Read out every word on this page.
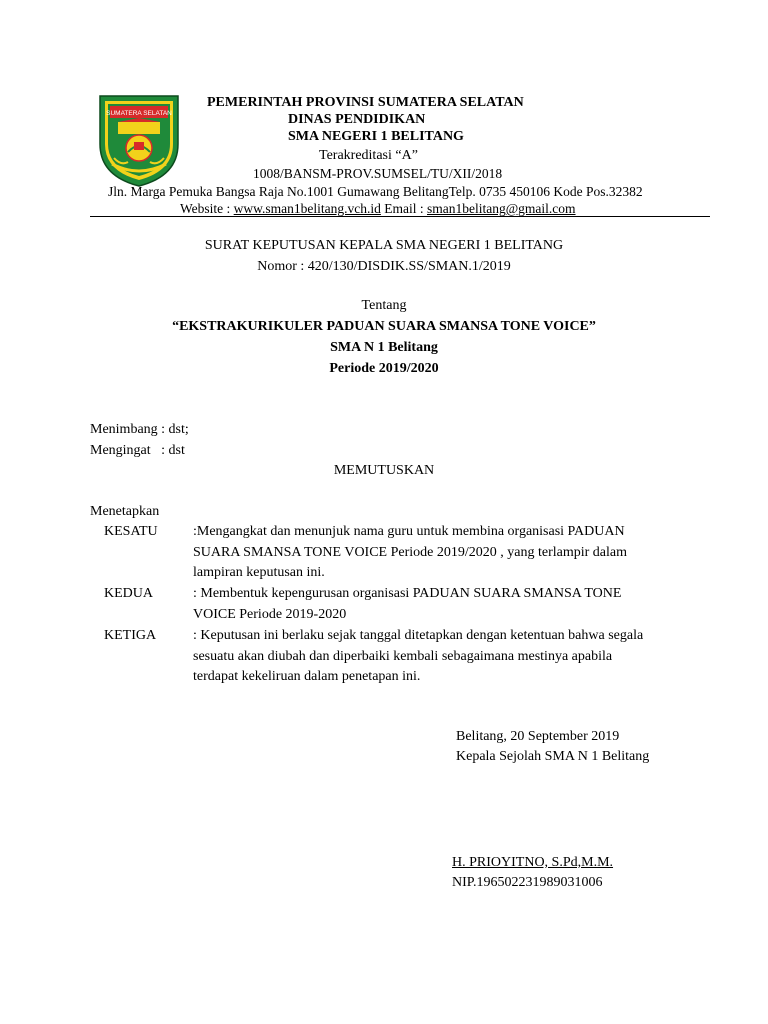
SUMATERA SELATAN
PEMERINTAH PROVINSI SUMATERA SELATAN
DINAS PENDIDIKAN
SMA NEGERI 1 BELITANG
Terakreditasi “A”
1008/BANSM-PROV.SUMSEL/TU/XII/2018
Jln. Marga Pemuka Bangsa Raja No.1001 Gumawang BelitangTelp. 0735 450106 Kode Pos.32382
Website : www.sman1belitang.vch.id Email : sman1belitang@gmail.com
SURAT KEPUTUSAN KEPALA SMA NEGERI 1 BELITANG
Nomor : 420/130/DISDIK.SS/SMAN.1/2019
Tentang
“EKSTRAKURIKULER PADUAN SUARA SMANSA TONE VOICE”
SMA N 1 Belitang
Periode 2019/2020
Menimbang : dst;
Mengingat   : dst
MEMUTUSKAN
Menetapkan
KESATU	:Mengangkat dan menunjuk nama guru untuk membina organisasi PADUAN
SUARA SMANSA TONE VOICE Periode 2019/2020 , yang terlampir dalam
lampiran keputusan ini.
KEDUA	: Membentuk kepengurusan organisasi PADUAN SUARA SMANSA TONE
VOICE Periode 2019-2020
KETIGA	: Keputusan ini berlaku sejak tanggal ditetapkan dengan ketentuan bahwa segala
sesuatu akan diubah dan diperbaiki kembali sebagaimana mestinya apabila
terdapat kekeliruan dalam penetapan ini.
Belitang, 20 September 2019
Kepala Sejolah SMA N 1 Belitang
H. PRIOYITNO, S.Pd,M.M.
NIP.196502231989031006
